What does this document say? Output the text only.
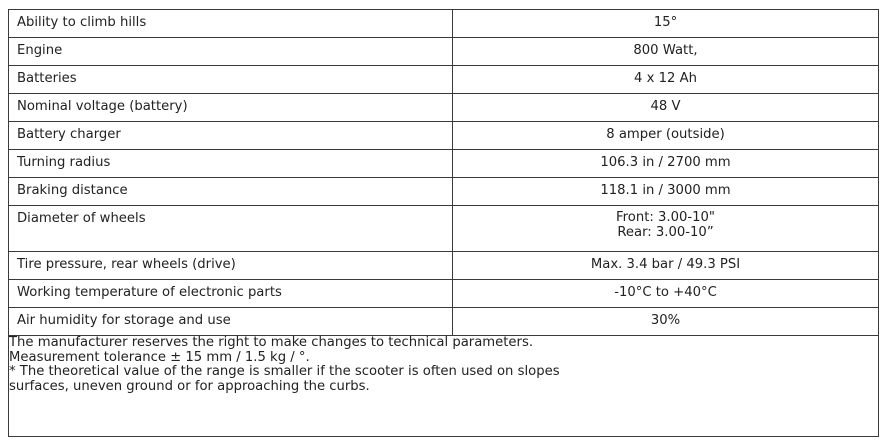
Ability to climb hills	15°

Engine	800 Watt,

Batteries	4 x 12 Ah

Nominal voltage (battery)	48 V

Battery charger	8 amper (outside)

Turning radius	106.3 in / 2700 mm

Braking distance	118.1 in / 3000 mm

Diameter of wheels	Front: 3.00-10"
Rear: 3.00-10”

Tire pressure, rear wheels (drive)	Max. 3.4 bar / 49.3 PSI

Working temperature of electronic parts	-10°C to +40°C

Air humidity for storage and use	30%

The manufacturer reserves the right to make changes to technical parameters.
Measurement tolerance ± 15 mm / 1.5 kg / °.
* The theoretical value of the range is smaller if the scooter is often used on slopes
surfaces, uneven ground or for approaching the curbs.	
